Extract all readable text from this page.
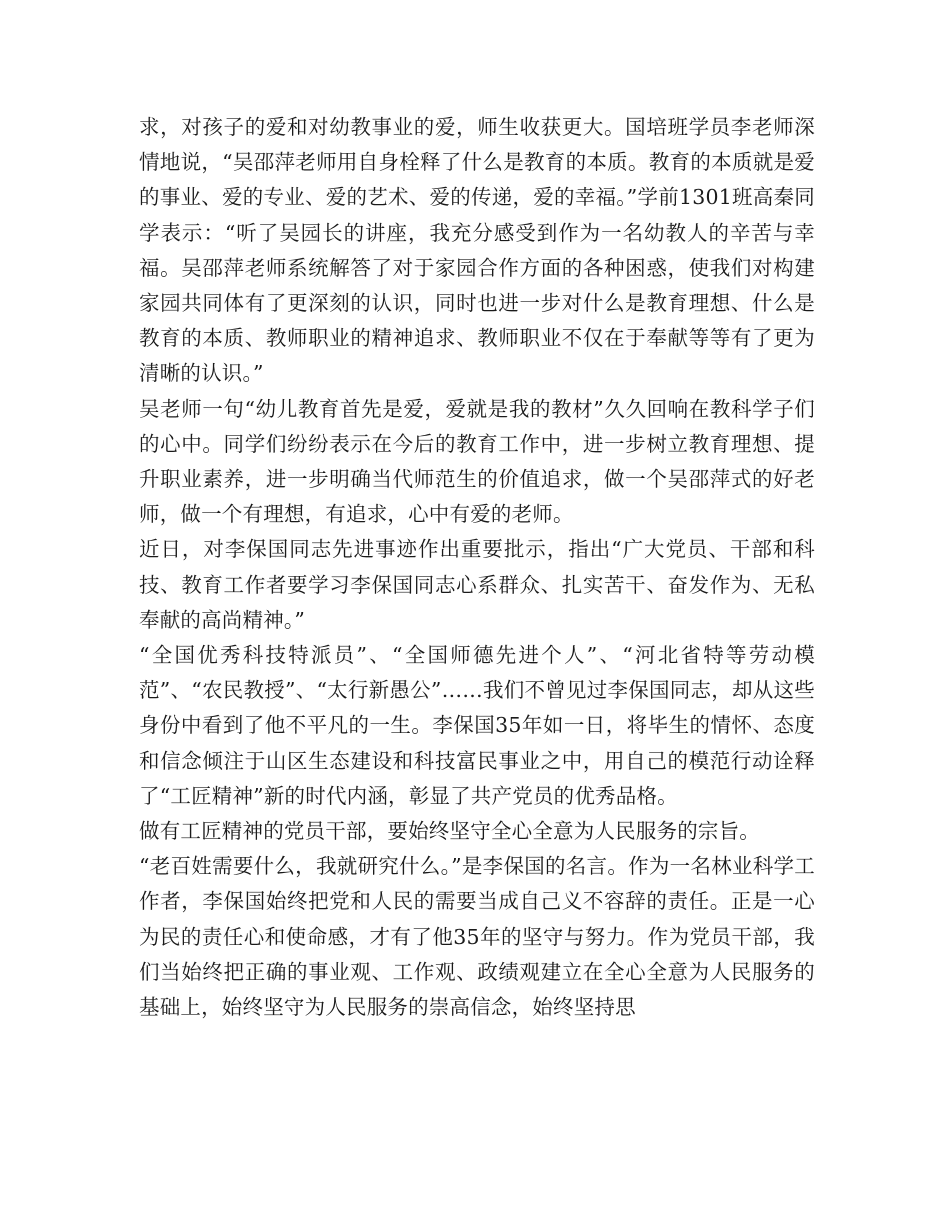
求，对孩子的爱和对幼教事业的爱，师生收获更大。国培班学员李老师深情地说，“吴邵萍老师用自身栓释了什么是教育的本质。教育的本质就是爱的事业、爱的专业、爱的艺术、爱的传递，爱的幸福。”学前1301班高秦同学表示：“听了吴园长的讲座，我充分感受到作为一名幼教人的辛苦与幸福。吴邵萍老师系统解答了对于家园合作方面的各种困惑，使我们对构建家园共同体有了更深刻的认识，同时也进一步对什么是教育理想、什么是教育的本质、教师职业的精神追求、教师职业不仅在于奉献等等有了更为清晰的认识。”

吴老师一句“幼儿教育首先是爱，爱就是我的教材”久久回响在教科学子们的心中。同学们纷纷表示在今后的教育工作中，进一步树立教育理想、提升职业素养，进一步明确当代师范生的价值追求，做一个吴邵萍式的好老师，做一个有理想，有追求，心中有爱的老师。

近日，对李保国同志先进事迹作出重要批示，指出“广大党员、干部和科技、教育工作者要学习李保国同志心系群众、扎实苦干、奋发作为、无私奉献的高尚精神。”

“全国优秀科技特派员”、“全国师德先进个人”、“河北省特等劳动模范”、“农民教授”、“太行新愚公”……我们不曾见过李保国同志，却从这些身份中看到了他不平凡的一生。李保国35年如一日，将毕生的情怀、态度和信念倾注于山区生态建设和科技富民事业之中，用自己的模范行动诠释了“工匠精神”新的时代内涵，彰显了共产党员的优秀品格。

做有工匠精神的党员干部，要始终坚守全心全意为人民服务的宗旨。

“老百姓需要什么，我就研究什么。”是李保国的名言。作为一名林业科学工作者，李保国始终把党和人民的需要当成自己义不容辞的责任。正是一心为民的责任心和使命感，才有了他35年的坚守与努力。作为党员干部，我们当始终把正确的事业观、工作观、政绩观建立在全心全意为人民服务的基础上，始终坚守为人民服务的崇高信念，始终坚持思
